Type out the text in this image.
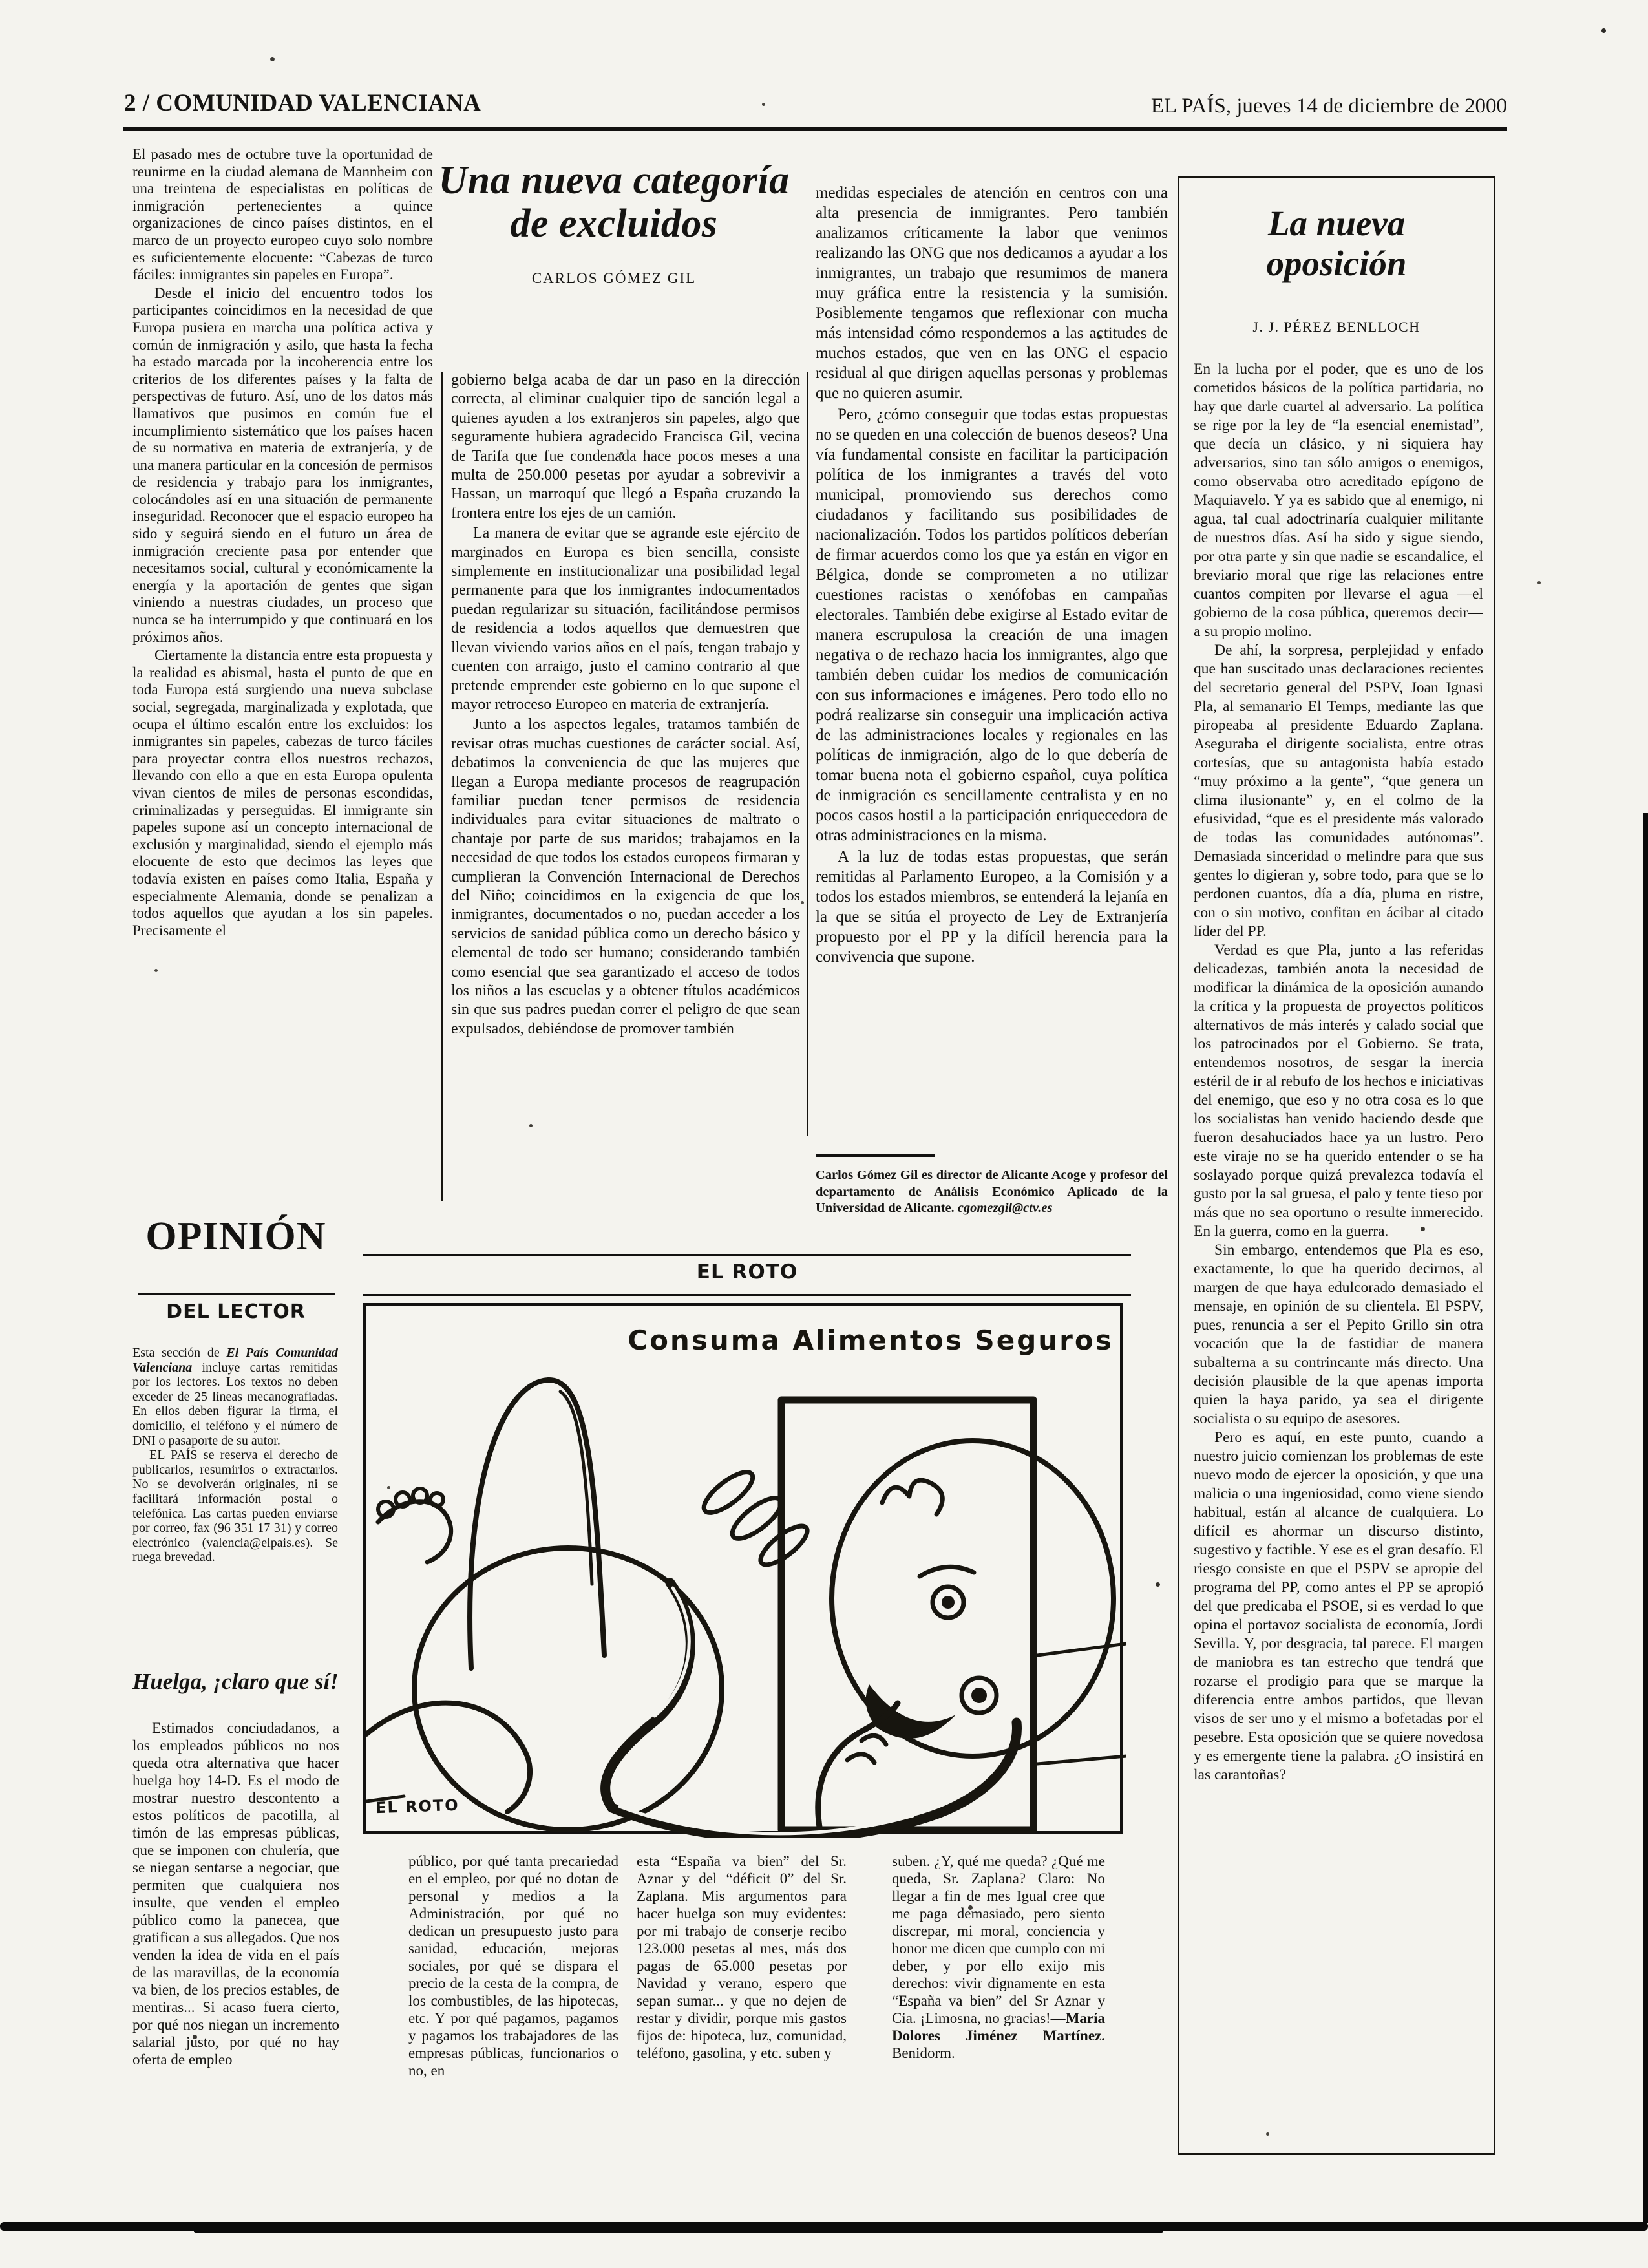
2 / COMUNIDAD VALENCIANA	EL PAÍS, jueves 14 de diciembre de 2000
Una nueva categoría
de excluidos
CARLOS GÓMEZ GIL

El pasado mes de octubre tuve la oportunidad de reunirme en la ciudad alemana de Mannheim con una treintena de especialistas en políticas de inmigración pertenecientes a quince organizaciones de cinco países distintos, en el marco de un proyecto europeo cuyo solo nombre es suficientemente elocuente: “Cabezas de turco fáciles: inmigrantes sin papeles en Europa”.

Desde el inicio del encuentro todos los participantes coincidimos en la necesidad de que Europa pusiera en marcha una política activa y común de inmigración y asilo, que hasta la fecha ha estado marcada por la incoherencia entre los criterios de los diferentes países y la falta de perspectivas de futuro. Así, uno de los datos más llamativos que pusimos en común fue el incumplimiento sistemático que los países hacen de su normativa en materia de extranjería, y de una manera particular en la concesión de permisos de residencia y trabajo para los inmigrantes, colocándoles así en una situación de permanente inseguridad. Reconocer que el espacio europeo ha sido y seguirá siendo en el futuro un área de inmigración creciente pasa por entender que necesitamos social, cultural y económicamente la energía y la aportación de gentes que sigan viniendo a nuestras ciudades, un proceso que nunca se ha interrumpido y que continuará en los próximos años.

Ciertamente la distancia entre esta propuesta y la realidad es abismal, hasta el punto de que en toda Europa está surgiendo una nueva subclase social, segregada, marginalizada y explotada, que ocupa el último escalón entre los excluidos: los inmigrantes sin papeles, cabezas de turco fáciles para proyectar contra ellos nuestros rechazos, llevando con ello a que en esta Europa opulenta vivan cientos de miles de personas escondidas, criminalizadas y perseguidas. El inmigrante sin papeles supone así un concepto internacional de exclusión y marginalidad, siendo el ejemplo más elocuente de esto que decimos las leyes que todavía existen en países como Italia, España y especialmente Alemania, donde se penalizan a todos aquellos que ayudan a los sin papeles. Precisamente el

gobierno belga acaba de dar un paso en la dirección correcta, al eliminar cualquier tipo de sanción legal a quienes ayuden a los extranjeros sin papeles, algo que seguramente hubiera agradecido Francisca Gil, vecina de Tarifa que fue condenada hace pocos meses a una multa de 250.000 pesetas por ayudar a sobrevivir a Hassan, un marroquí que llegó a España cruzando la frontera entre los ejes de un camión.

La manera de evitar que se agrande este ejército de marginados en Europa es bien sencilla, consiste simplemente en institucionalizar una posibilidad legal permanente para que los inmigrantes indocumentados puedan regularizar su situación, facilitándose permisos de residencia a todos aquellos que demuestren que llevan viviendo varios años en el país, tengan trabajo y cuenten con arraigo, justo el camino contrario al que pretende emprender este gobierno en lo que supone el mayor retroceso Europeo en materia de extranjería.

Junto a los aspectos legales, tratamos también de revisar otras muchas cuestiones de carácter social. Así, debatimos la conveniencia de que las mujeres que llegan a Europa mediante procesos de reagrupación familiar puedan tener permisos de residencia individuales para evitar situaciones de maltrato o chantaje por parte de sus maridos; trabajamos en la necesidad de que todos los estados europeos firmaran y cumplieran la Convención Internacional de Derechos del Niño; coincidimos en la exigencia de que los inmigrantes, documentados o no, puedan acceder a los servicios de sanidad pública como un derecho básico y elemental de todo ser humano; considerando también como esencial que sea garantizado el acceso de todos los niños a las escuelas y a obtener títulos académicos sin que sus padres puedan correr el peligro de que sean expulsados, debiéndose de promover también

medidas especiales de atención en centros con una alta presencia de inmigrantes. Pero también analizamos críticamente la labor que venimos realizando las ONG que nos dedicamos a ayudar a los inmigrantes, un trabajo que resumimos de manera muy gráfica entre la resistencia y la sumisión. Posiblemente tengamos que reflexionar con mucha más intensidad cómo respondemos a las actitudes de muchos estados, que ven en las ONG el espacio residual al que dirigen aquellas personas y problemas que no quieren asumir.

Pero, ¿cómo conseguir que todas estas propuestas no se queden en una colección de buenos deseos? Una vía fundamental consiste en facilitar la participación política de los inmigrantes a través del voto municipal, promoviendo sus derechos como ciudadanos y facilitando sus posibilidades de nacionalización. Todos los partidos políticos deberían de firmar acuerdos como los que ya están en vigor en Bélgica, donde se comprometen a no utilizar cuestiones racistas o xenófobas en campañas electorales. También debe exigirse al Estado evitar de manera escrupulosa la creación de una imagen negativa o de rechazo hacia los inmigrantes, algo que también deben cuidar los medios de comunicación con sus informaciones e imágenes. Pero todo ello no podrá realizarse sin conseguir una implicación activa de las administraciones locales y regionales en las políticas de inmigración, algo de lo que debería de tomar buena nota el gobierno español, cuya política de inmigración es sencillamente centralista y en no pocos casos hostil a la participación enriquecedora de otras administraciones en la misma.

A la luz de todas estas propuestas, que serán remitidas al Parlamento Europeo, a la Comisión y a todos los estados miembros, se entenderá la lejanía en la que se sitúa el proyecto de Ley de Extranjería propuesto por el PP y la difícil herencia para la convivencia que supone.

Carlos Gómez Gil es director de Alicante Acoge y profesor del departamento de Análisis Económico Aplicado de la Universidad de Alicante. cgomezgil@ctv.es
OPINIÓN
DEL LECTOR

Esta sección de El País Comunidad Valenciana incluye cartas remitidas por los lectores. Los textos no deben exceder de 25 líneas mecanografiadas. En ellos deben figurar la firma, el domicilio, el teléfono y el número de DNI o pasaporte de su autor.

EL PAÍS se reserva el derecho de publicarlos, resumirlos o extractarlos. No se devolverán originales, ni se facilitará información postal o telefónica. Las cartas pueden enviarse por correo, fax (96 351 17 31) y correo electrónico (valencia@elpais.es). Se ruega brevedad.

Huelga, ¡claro que sí!

Estimados conciudadanos, a los empleados públicos no nos queda otra alternativa que hacer huelga hoy 14-D. Es el modo de mostrar nuestro descontento a estos políticos de pacotilla, al timón de las empresas públicas, que se imponen con chulería, que se niegan sentarse a negociar, que permiten que cualquiera nos insulte, que venden el empleo público como la panecea, que gratifican a sus allegados. Que nos venden la idea de vida en el país de las maravillas, de la economía va bien, de los precios estables, de mentiras... Si acaso fuera cierto, por qué nos niegan un incremento salarial justo, por qué no hay oferta de empleo

público, por qué tanta precariedad en el empleo, por qué no dotan de personal y medios a la Administración, por qué no dedican un presupuesto justo para sanidad, educación, mejoras sociales, por qué se dispara el precio de la cesta de la compra, de los combustibles, de las hipotecas, etc. Y por qué pagamos, pagamos y pagamos los trabajadores de las empresas públicas, funcionarios o no, en

esta “España va bien” del Sr. Aznar y del “déficit 0” del Sr. Zaplana. Mis argumentos para hacer huelga son muy evidentes: por mi trabajo de conserje recibo 123.000 pesetas al mes, más dos pagas de 65.000 pesetas por Navidad y verano, espero que sepan sumar... y que no dejen de restar y dividir, porque mis gastos fijos de: hipoteca, luz, comunidad, teléfono, gasolina, y etc. suben y

suben. ¿Y, qué me queda? ¿Qué me queda, Sr. Zaplana? Claro: No llegar a fin de mes Igual cree que me paga demasiado, pero siento discrepar, mi moral, conciencia y honor me dicen que cumplo con mi deber, y por ello exijo mis derechos: vivir dignamente en esta “España va bien” del Sr Aznar y Cia. ¡Limosna, no gracias!—María Dolores Jiménez Martínez. Benidorm.

EL ROTO
Consuma Alimentos Seguros
EL ROTO
La nueva
oposición
J. J. PÉREZ BENLLOCH

En la lucha por el poder, que es uno de los cometidos básicos de la política partidaria, no hay que darle cuartel al adversario. La política se rige por la ley de “la esencial enemistad”, que decía un clásico, y ni siquiera hay adversarios, sino tan sólo amigos o enemigos, como observaba otro acreditado epígono de Maquiavelo. Y ya es sabido que al enemigo, ni agua, tal cual adoctrinaría cualquier militante de nuestros días. Así ha sido y sigue siendo, por otra parte y sin que nadie se escandalice, el breviario moral que rige las relaciones entre cuantos compiten por llevarse el agua —el gobierno de la cosa pública, queremos decir— a su propio molino.

De ahí, la sorpresa, perplejidad y enfado que han suscitado unas declaraciones recientes del secretario general del PSPV, Joan Ignasi Pla, al semanario El Temps, mediante las que piropeaba al presidente Eduardo Zaplana. Aseguraba el dirigente socialista, entre otras cortesías, que su antagonista había estado “muy próximo a la gente”, “que genera un clima ilusionante” y, en el colmo de la efusividad, “que es el presidente más valorado de todas las comunidades autónomas”. Demasiada sinceridad o melindre para que sus gentes lo digieran y, sobre todo, para que se lo perdonen cuantos, día a día, pluma en ristre, con o sin motivo, confitan en ácibar al citado líder del PP.

Verdad es que Pla, junto a las referidas delicadezas, también anota la necesidad de modificar la dinámica de la oposición aunando la crítica y la propuesta de proyectos políticos alternativos de más interés y calado social que los patrocinados por el Gobierno. Se trata, entendemos nosotros, de sesgar la inercia estéril de ir al rebufo de los hechos e iniciativas del enemigo, que eso y no otra cosa es lo que los socialistas han venido haciendo desde que fueron desahuciados hace ya un lustro. Pero este viraje no se ha querido entender o se ha soslayado porque quizá prevalezca todavía el gusto por la sal gruesa, el palo y tente tieso por más que no sea oportuno o resulte inmerecido. En la guerra, como en la guerra.

Sin embargo, entendemos que Pla es eso, exactamente, lo que ha querido decirnos, al margen de que haya edulcorado demasiado el mensaje, en opinión de su clientela. El PSPV, pues, renuncia a ser el Pepito Grillo sin otra vocación que la de fastidiar de manera subalterna a su contrincante más directo. Una decisión plausible de la que apenas importa quien la haya parido, ya sea el dirigente socialista o su equipo de asesores.

Pero es aquí, en este punto, cuando a nuestro juicio comienzan los problemas de este nuevo modo de ejercer la oposición, y que una malicia o una ingeniosidad, como viene siendo habitual, están al alcance de cualquiera. Lo difícil es ahormar un discurso distinto, sugestivo y factible. Y ese es el gran desafío. El riesgo consiste en que el PSPV se apropie del programa del PP, como antes el PP se apropió del que predicaba el PSOE, si es verdad lo que opina el portavoz socialista de economía, Jordi Sevilla. Y, por desgracia, tal parece. El margen de maniobra es tan estrecho que tendrá que rozarse el prodigio para que se marque la diferencia entre ambos partidos, que llevan visos de ser uno y el mismo a bofetadas por el pesebre. Esta oposición que se quiere novedosa y es emergente tiene la palabra. ¿O insistirá en las carantoñas?
